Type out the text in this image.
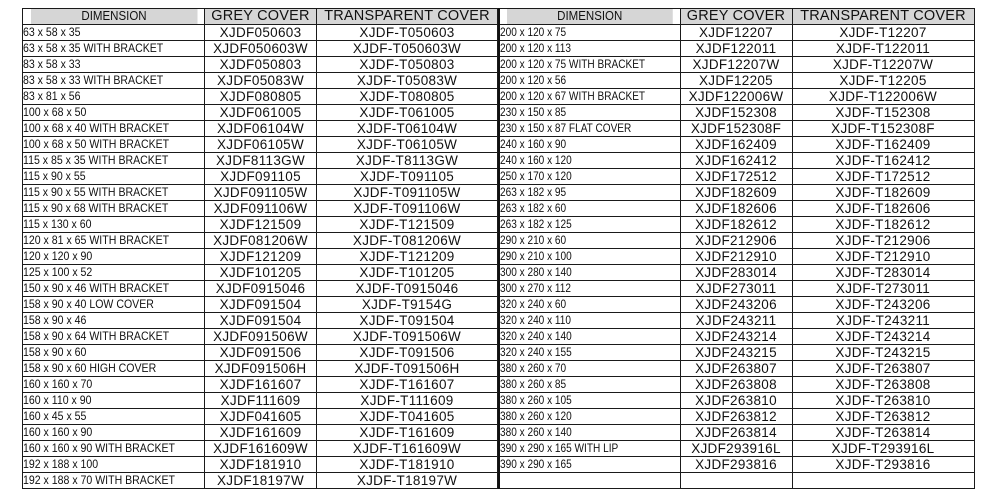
DIMENSION	GREY COVER	TRANSPARENT COVER
63 x 58 x 35	XJDF050603	XJDF-T050603
63 x 58 x 35 WITH BRACKET	XJDF050603W	XJDF-T050603W
83 x 58 x 33	XJDF050803	XJDF-T050803
83 x 58 x 33 WITH BRACKET	XJDF05083W	XJDF-T05083W
83 x 81 x 56	XJDF080805	XJDF-T080805
100 x 68 x 50	XJDF061005	XJDF-T061005
100 x 68 x 40 WITH BRACKET	XJDF06104W	XJDF-T06104W
100 x 68 x 50 WITH BRACKET	XJDF06105W	XJDF-T06105W
115 x 85 x 35 WITH BRACKET	XJDF8113GW	XJDF-T8113GW
115 x 90 x 55	XJDF091105	XJDF-T091105
115 x 90 x 55 WITH BRACKET	XJDF091105W	XJDF-T091105W
115 x 90 x 68 WITH BRACKET	XJDF091106W	XJDF-T091106W
115 x 130 x 60	XJDF121509	XJDF-T121509
120 x 81 x 65 WITH BRACKET	XJDF081206W	XJDF-T081206W
120 x 120 x 90	XJDF121209	XJDF-T121209
125 x 100 x 52	XJDF101205	XJDF-T101205
150 x 90 x 46 WITH BRACKET	XJDF0915046	XJDF-T0915046
158 x 90 x 40 LOW COVER	XJDF091504	XJDF-T9154G
158 x 90 x 46	XJDF091504	XJDF-T091504
158 x 90 x 64 WITH BRACKET	XJDF091506W	XJDF-T091506W
158 x 90 x 60	XJDF091506	XJDF-T091506
158 x 90 x 60 HIGH COVER	XJDF091506H	XJDF-T091506H
160 x 160 x 70	XJDF161607	XJDF-T161607
160 x 110 x 90	XJDF111609	XJDF-T111609
160 x 45 x 55	XJDF041605	XJDF-T041605
160 x 160 x 90	XJDF161609	XJDF-T161609
160 x 160 x 90 WITH BRACKET	XJDF161609W	XJDF-T161609W
192 x 188 x 100	XJDF181910	XJDF-T181910
192 x 188 x 70 WITH BRACKET	XJDF18197W	XJDF-T18197W
DIMENSION	GREY COVER	TRANSPARENT COVER
200 x 120 x 75	XJDF12207	XJDF-T12207
200 x 120 x 113	XJDF122011	XJDF-T122011
200 x 120 x 75 WITH BRACKET	XJDF12207W	XJDF-T12207W
200 x 120 x 56	XJDF12205	XJDF-T12205
200 x 120 x 67 WITH BRACKET	XJDF122006W	XJDF-T122006W
230 x 150 x 85	XJDF152308	XJDF-T152308
230 x 150 x 87 FLAT COVER	XJDF152308F	XJDF-T152308F
240 x 160 x 90	XJDF162409	XJDF-T162409
240 x 160 x 120	XJDF162412	XJDF-T162412
250 x 170 x 120	XJDF172512	XJDF-T172512
263 x 182 x 95	XJDF182609	XJDF-T182609
263 x 182 x 60	XJDF182606	XJDF-T182606
263 x 182 x 125	XJDF182612	XJDF-T182612
290 x 210 x 60	XJDF212906	XJDF-T212906
290 x 210 x 100	XJDF212910	XJDF-T212910
300 x 280 x 140	XJDF283014	XJDF-T283014
300 x 270 x 112	XJDF273011	XJDF-T273011
320 x 240 x 60	XJDF243206	XJDF-T243206
320 x 240 x 110	XJDF243211	XJDF-T243211
320 x 240 x 140	XJDF243214	XJDF-T243214
320 x 240 x 155	XJDF243215	XJDF-T243215
380 x 260 x 70	XJDF263807	XJDF-T263807
380 x 260 x 85	XJDF263808	XJDF-T263808
380 x 260 x 105	XJDF263810	XJDF-T263810
380 x 260 x 120	XJDF263812	XJDF-T263812
380 x 260 x 140	XJDF263814	XJDF-T263814
390 x 290 x 165 WITH LIP	XJDF293916L	XJDF-T293916L
390 x 290 x 165	XJDF293816	XJDF-T293816
